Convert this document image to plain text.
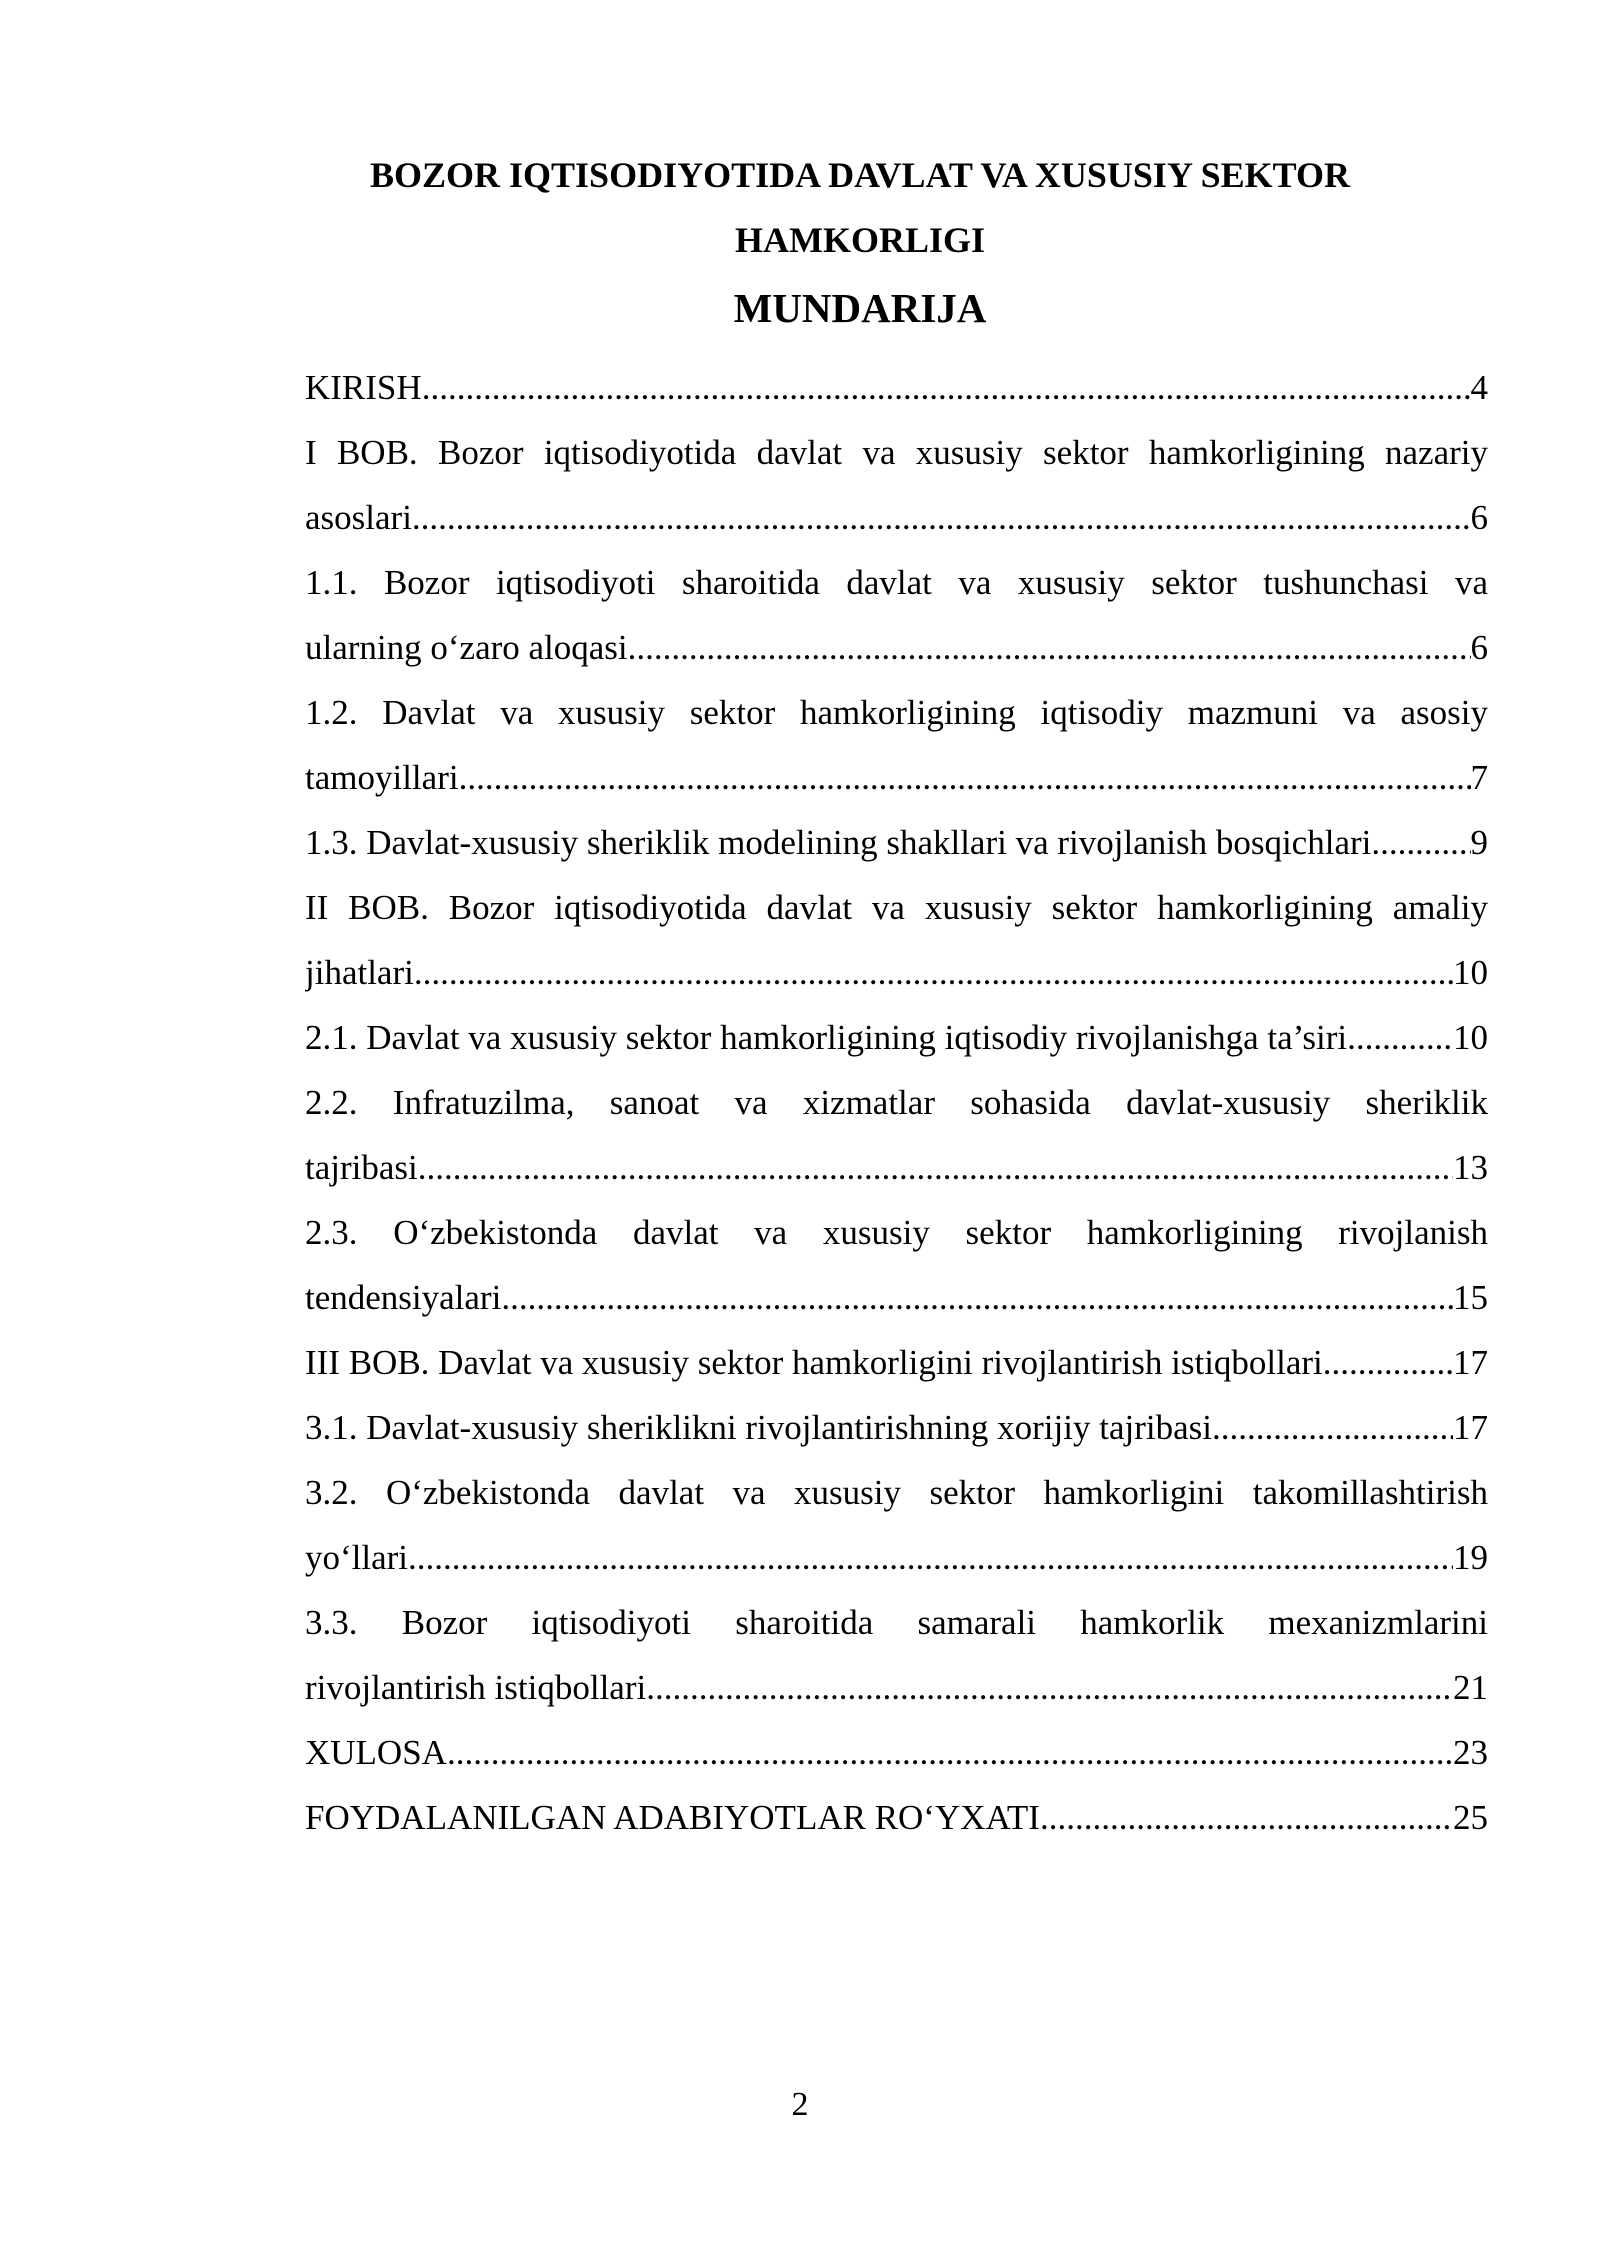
BOZOR IQTISODIYOTIDA DAVLAT VA XUSUSIY SEKTOR
HAMKORLIGI
MUNDARIJA
KIRISH .....	4
I BOB. Bozor iqtisodiyotida davlat va xususiy sektor hamkorligining nazariy
asoslari .....	6
1.1. Bozor iqtisodiyoti sharoitida davlat va xususiy sektor tushunchasi va
ularning o‘zaro aloqasi .....	6
1.2. Davlat va xususiy sektor hamkorligining iqtisodiy mazmuni va asosiy
tamoyillari .....	7
1.3. Davlat-xususiy sheriklik modelining shakllari va rivojlanish bosqichlari .....	9
II BOB. Bozor iqtisodiyotida davlat va xususiy sektor hamkorligining amaliy
jihatlari .....	10
2.1. Davlat va xususiy sektor hamkorligining iqtisodiy rivojlanishga ta’siri .....	10
2.2. Infratuzilma, sanoat va xizmatlar sohasida davlat-xususiy sheriklik
tajribasi .....	13
2.3. O‘zbekistonda davlat va xususiy sektor hamkorligining rivojlanish
tendensiyalari .....	15
III BOB. Davlat va xususiy sektor hamkorligini rivojlantirish istiqbollari .....	17
3.1. Davlat-xususiy sheriklikni rivojlantirishning xorijiy tajribasi .....	17
3.2. O‘zbekistonda davlat va xususiy sektor hamkorligini takomillashtirish
yo‘llari .....	19
3.3. Bozor iqtisodiyoti sharoitida samarali hamkorlik mexanizmlarini
rivojlantirish istiqbollari .....	21
XULOSA .....	23
FOYDALANILGAN ADABIYOTLAR RO‘YXATI .....	25
2
